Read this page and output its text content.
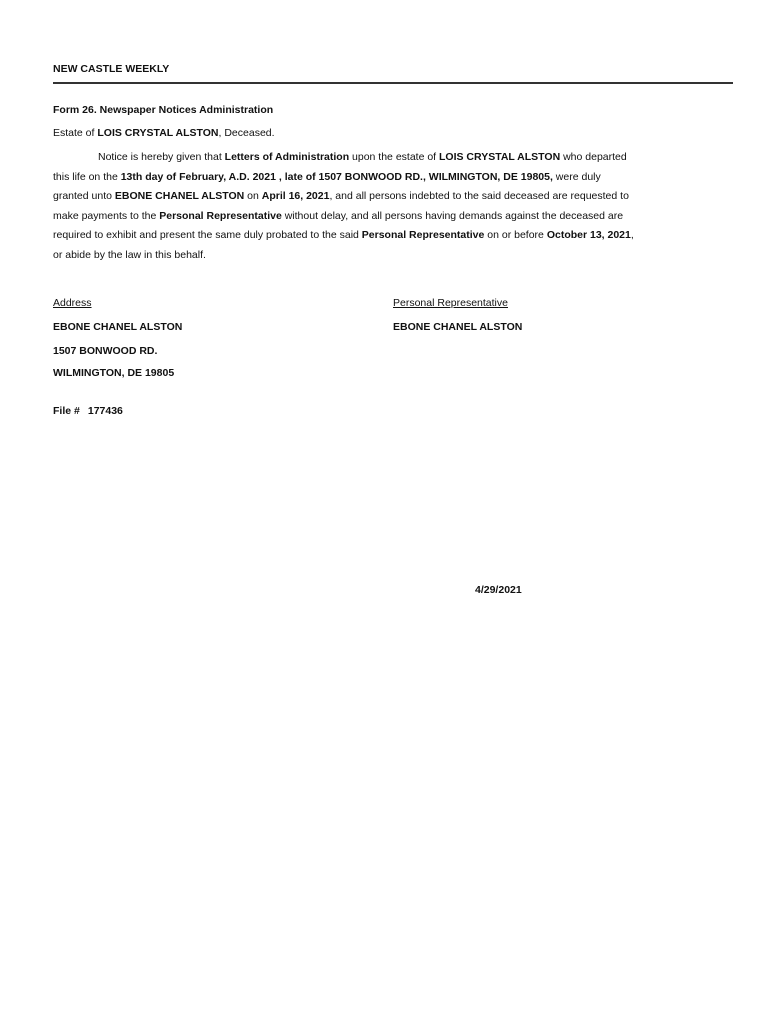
NEW CASTLE WEEKLY
Form 26. Newspaper Notices Administration
Estate of LOIS CRYSTAL ALSTON, Deceased.
Notice is hereby given that Letters of Administration upon the estate of LOIS CRYSTAL ALSTON who departed this life on the 13th day of February, A.D. 2021 , late of 1507 BONWOOD RD., WILMINGTON, DE 19805, were duly granted unto EBONE CHANEL ALSTON on April 16, 2021, and all persons indebted to the said deceased are requested to make payments to the Personal Representative without delay, and all persons having demands against the deceased are required to exhibit and present the same duly probated to the said Personal Representative on or before October 13, 2021, or abide by the law in this behalf.
Address	Personal Representative
EBONE CHANEL ALSTON
1507 BONWOOD RD.
WILMINGTON, DE 19805
EBONE CHANEL ALSTON
File # 177436
4/29/2021
